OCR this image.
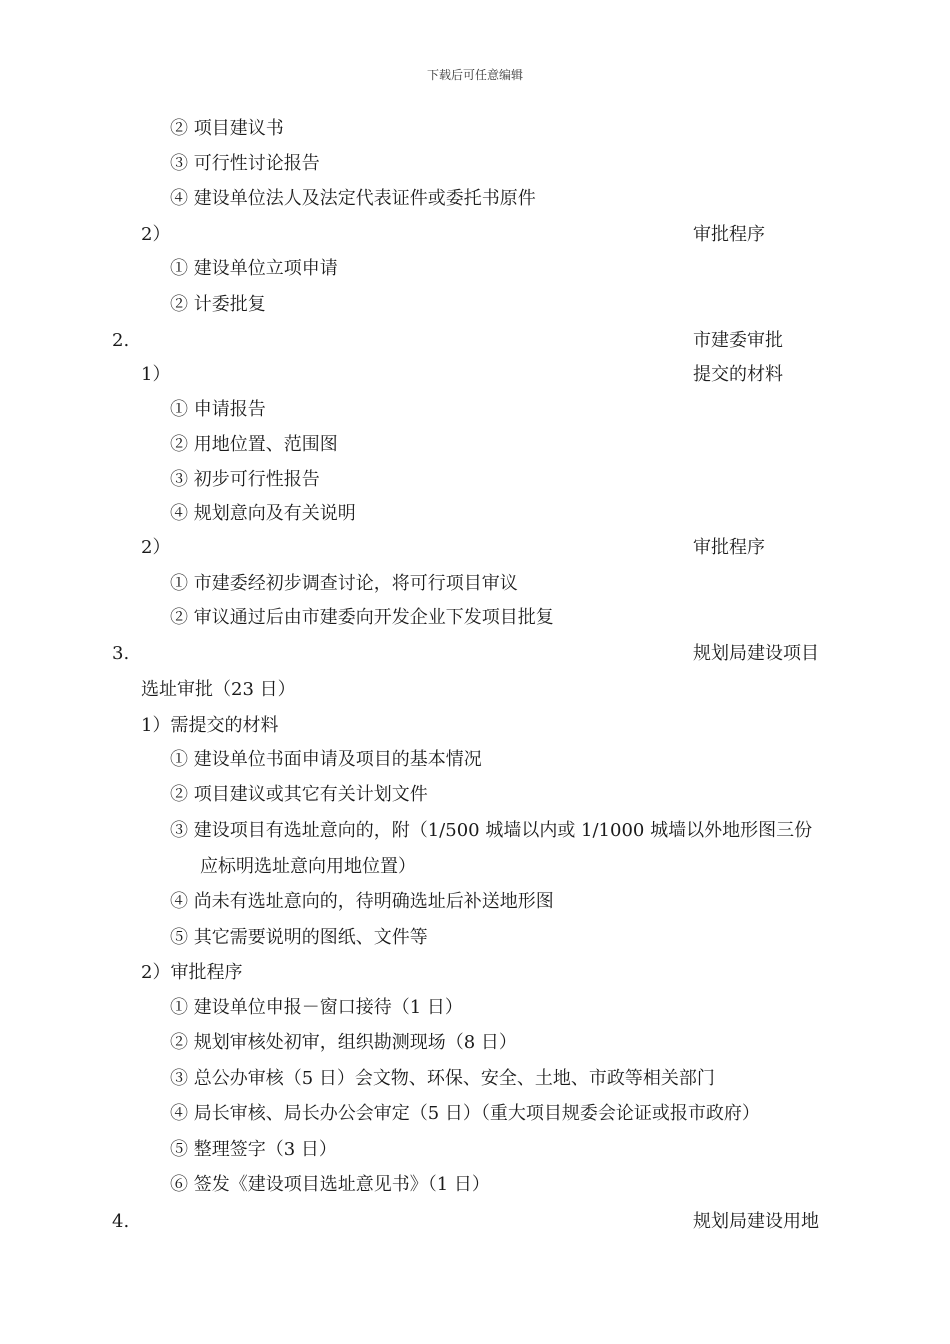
下载后可任意编辑
② 项目建议书
③ 可行性讨论报告
④ 建设单位法人及法定代表证件或委托书原件
2）	审批程序
① 建设单位立项申请
② 计委批复
2.	市建委审批
1）	提交的材料
① 申请报告
② 用地位置、范围图
③ 初步可行性报告
④ 规划意向及有关说明
2）	审批程序
① 市建委经初步调查讨论，将可行项目审议
② 审议通过后由市建委向开发企业下发项目批复
3.	规划局建设项目
选址审批（23 日）
1）需提交的材料
① 建设单位书面申请及项目的基本情况
② 项目建议或其它有关计划文件
③ 建设项目有选址意向的，附（1/500 城墙以内或 1/1000 城墙以外地形图三份
应标明选址意向用地位置）
④ 尚未有选址意向的，待明确选址后补送地形图
⑤ 其它需要说明的图纸、文件等
2）审批程序
① 建设单位申报－窗口接待（1 日）
② 规划审核处初审，组织勘测现场（8 日）
③ 总公办审核（5 日）会文物、环保、安全、土地、市政等相关部门
④ 局长审核、局长办公会审定（5 日）（重大项目规委会论证或报市政府）
⑤ 整理签字（3 日）
⑥ 签发《建设项目选址意见书》（1 日）
4.	规划局建设用地
